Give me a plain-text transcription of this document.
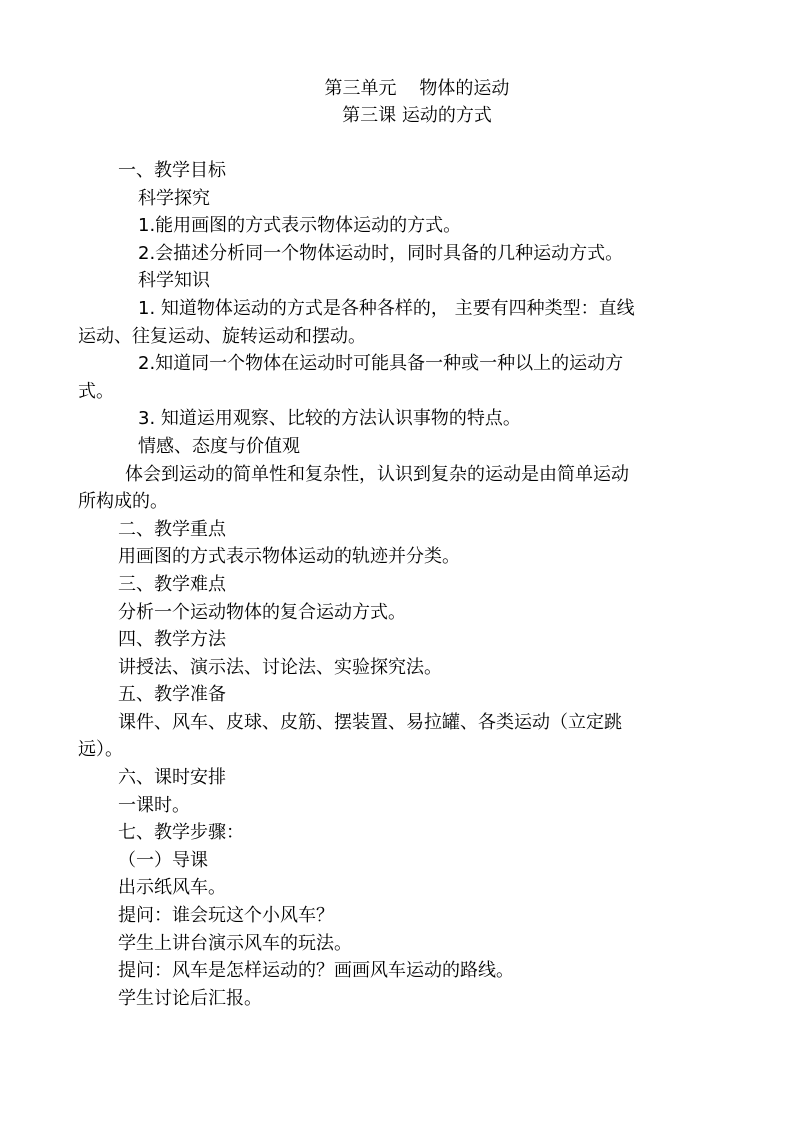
第三单元    物体的运动
第三课 运动的方式

一、教学目标

科学探究

1.能用画图的方式表示物体运动的方式。

2.会描述分析同一个物体运动时，同时具备的几种运动方式。

科学知识

1. 知道物体运动的方式是各种各样的， 主要有四种类型：直线

运动、往复运动、旋转运动和摆动。

2.知道同一个物体在运动时可能具备一种或一种以上的运动方

式。

3. 知道运用观察、比较的方法认识事物的特点。

情感、态度与价值观

体会到运动的简单性和复杂性，认识到复杂的运动是由简单运动

所构成的。

二、教学重点

用画图的方式表示物体运动的轨迹并分类。

三、教学难点

分析一个运动物体的复合运动方式。

四、教学方法

讲授法、演示法、讨论法、实验探究法。

五、教学准备

课件、风车、皮球、皮筋、摆装置、易拉罐、各类运动（立定跳

远）。

六、课时安排

一课时。

七、教学步骤：

（一）导课

出示纸风车。

提问：谁会玩这个小风车？

学生上讲台演示风车的玩法。

提问：风车是怎样运动的？画画风车运动的路线。

学生讨论后汇报。
